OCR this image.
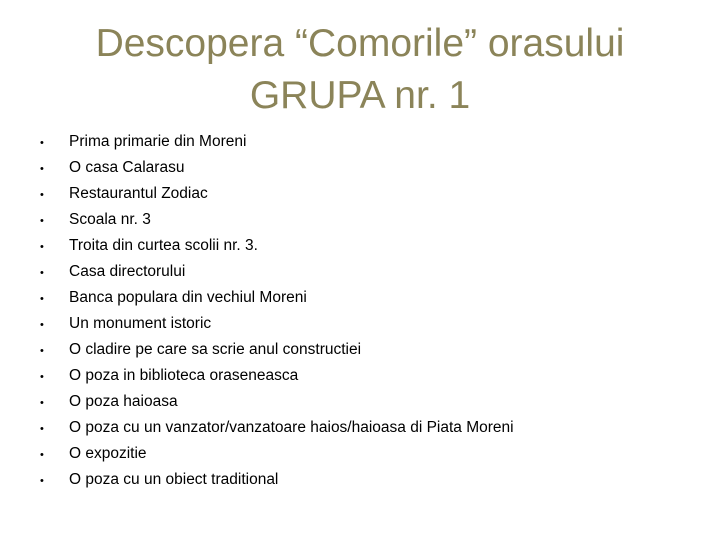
Descopera “Comorile” orasului
GRUPA nr. 1
• Prima primarie din Moreni
• O casa Calarasu
• Restaurantul Zodiac
• Scoala nr. 3
• Troita din curtea scolii nr. 3.
• Casa directorului
• Banca populara din vechiul Moreni
• Un monument istoric
• O cladire pe care sa scrie anul constructiei
• O poza in biblioteca oraseneasca
• O poza haioasa
• O poza cu un vanzator/vanzatoare haios/haioasa di Piata Moreni
• O expozitie
• O poza cu un obiect traditional
